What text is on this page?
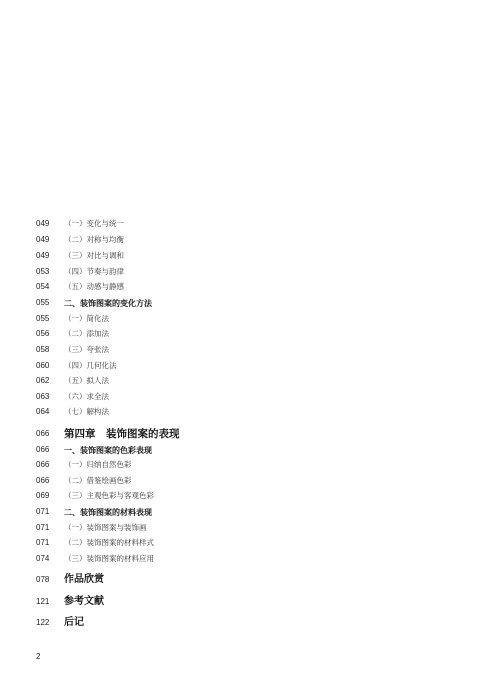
049 （一）变化与统一
049 （二）对称与均衡
049 （三）对比与调和
053 （四）节奏与韵律
054 （五）动感与静感
055 二、装饰图案的变化方法
055 （一）简化法
056 （二）添加法
058 （三）夸张法
060 （四）几何化法
062 （五）拟人法
063 （六）求全法
064 （七）解构法
066 第四章　装饰图案的表现
066 一、装饰图案的色彩表现
066 （一）归纳自然色彩
066 （二）借鉴绘画色彩
069 （三）主观色彩与客观色彩
071 二、装饰图案的材料表现
071 （一）装饰图案与装饰画
071 （二）装饰图案的材料样式
074 （三）装饰图案的材料应用
078 作品欣赏
121 参考文献
122 后记
2
